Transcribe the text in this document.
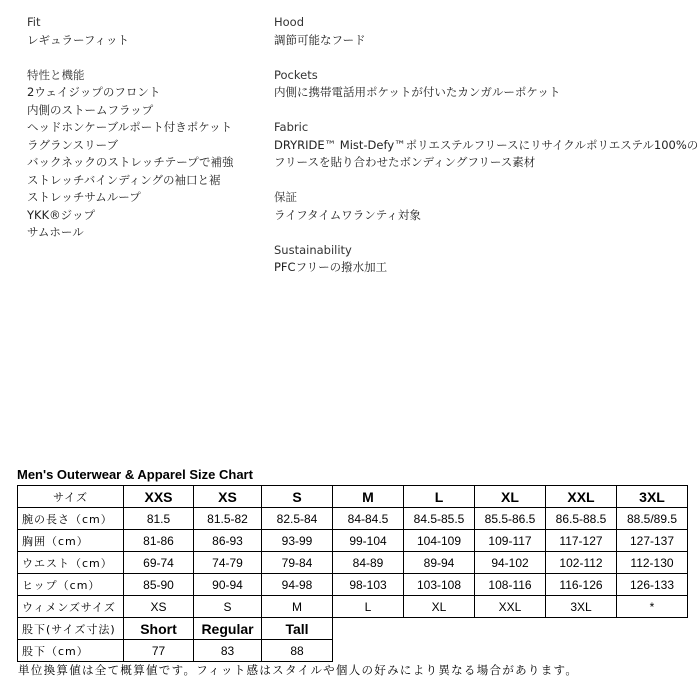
Fit
レギュラーフィット
特性と機能
2ウェイジップのフロント
内側のストームフラップ
ヘッドホンケーブルポート付きポケット
ラグランスリーブ
バックネックのストレッチテープで補強
ストレッチバインディングの袖口と裾
ストレッチサムループ
YKK®ジップ
サムホール
Hood
調節可能なフード
Pockets
内側に携帯電話用ポケットが付いたカンガルーポケット
Fabric
DRYRIDE™ Mist-Defy™ポリエステルフリースにリサイクルポリエステル100%の
フリースを貼り合わせたボンディングフリース素材
保証
ライフタイムワランティ対象
Sustainability
PFCフリーの撥水加工
Men's Outerwear & Apparel Size Chart
サイズ	XXS	XS	S	M	L	XL	XXL	3XL
腕の長さ（cm）	81.5	81.5-82	82.5-84	84-84.5	84.5-85.5	85.5-86.5	86.5-88.5	88.5/89.5
胸囲（cm）	81-86	86-93	93-99	99-104	104-109	109-117	117-127	127-137
ウエスト（cm）	69-74	74-79	79-84	84-89	89-94	94-102	102-112	112-130
ヒップ（cm）	85-90	90-94	94-98	98-103	103-108	108-116	116-126	126-133
ウィメンズサイズ	XS	S	M	L	XL	XXL	3XL	*
股下(サイズ寸法)	Short	Regular	Tall					
股下（cm）	77	83	88					
単位換算値は全て概算値です。フィット感はスタイルや個人の好みにより異なる場合があります。
